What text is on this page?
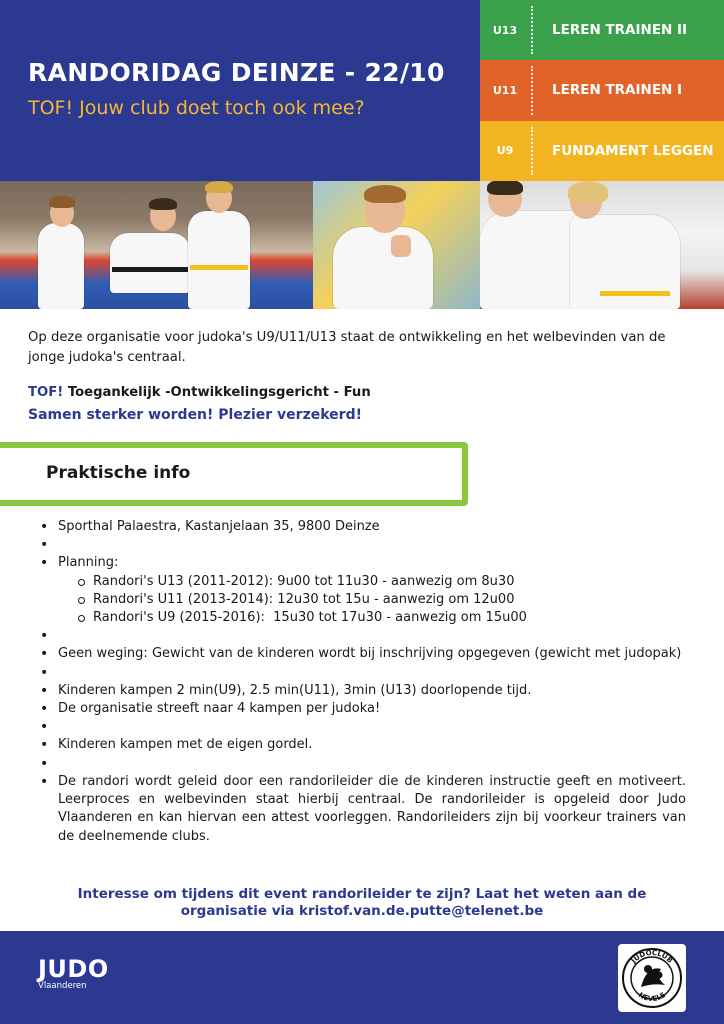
RANDORIDAG DEINZE - 22/10
TOF! Jouw club doet toch ook mee?
U13	LEREN TRAINEN II
U11	LEREN TRAINEN I
U9	FUNDAMENT LEGGEN
Op deze organisatie voor judoka's U9/U11/U13 staat de ontwikkeling en het welbevinden van de jonge judoka's centraal.
TOF! Toegankelijk -Ontwikkelingsgericht - Fun
Samen sterker worden! Plezier verzekerd!
Praktische info
• Sporthal Palaestra, Kastanjelaan 35, 9800 Deinze
•
• Planning:
Randori's U13 (2011-2012): 9u00 tot 11u30 - aanwezig om 8u30
Randori's U11 (2013-2014): 12u30 tot 15u - aanwezig om 12u00
Randori's U9 (2015-2016):  15u30 tot 17u30 - aanwezig om 15u00
•
• Geen weging: Gewicht van de kinderen wordt bij inschrijving opgegeven (gewicht met judopak)
•
• Kinderen kampen 2 min(U9), 2.5 min(U11), 3min (U13) doorlopende tijd.
• De organisatie streeft naar 4 kampen per judoka!
•
• Kinderen kampen met de eigen gordel.
•
• De randori wordt geleid door een randorileider die de kinderen instructie geeft en motiveert. Leerproces en welbevinden staat hierbij centraal. De randorileider is opgeleid door Judo Vlaanderen en kan hiervan een attest voorleggen. Randorileiders zijn bij voorkeur trainers van de deelnemende clubs.
Interesse om tijdens dit event randorileider te zijn? Laat het weten aan de organisatie via kristof.van.de.putte@telenet.be
JUDO
Vlaanderen
JUDOCLUB
NEVELE
